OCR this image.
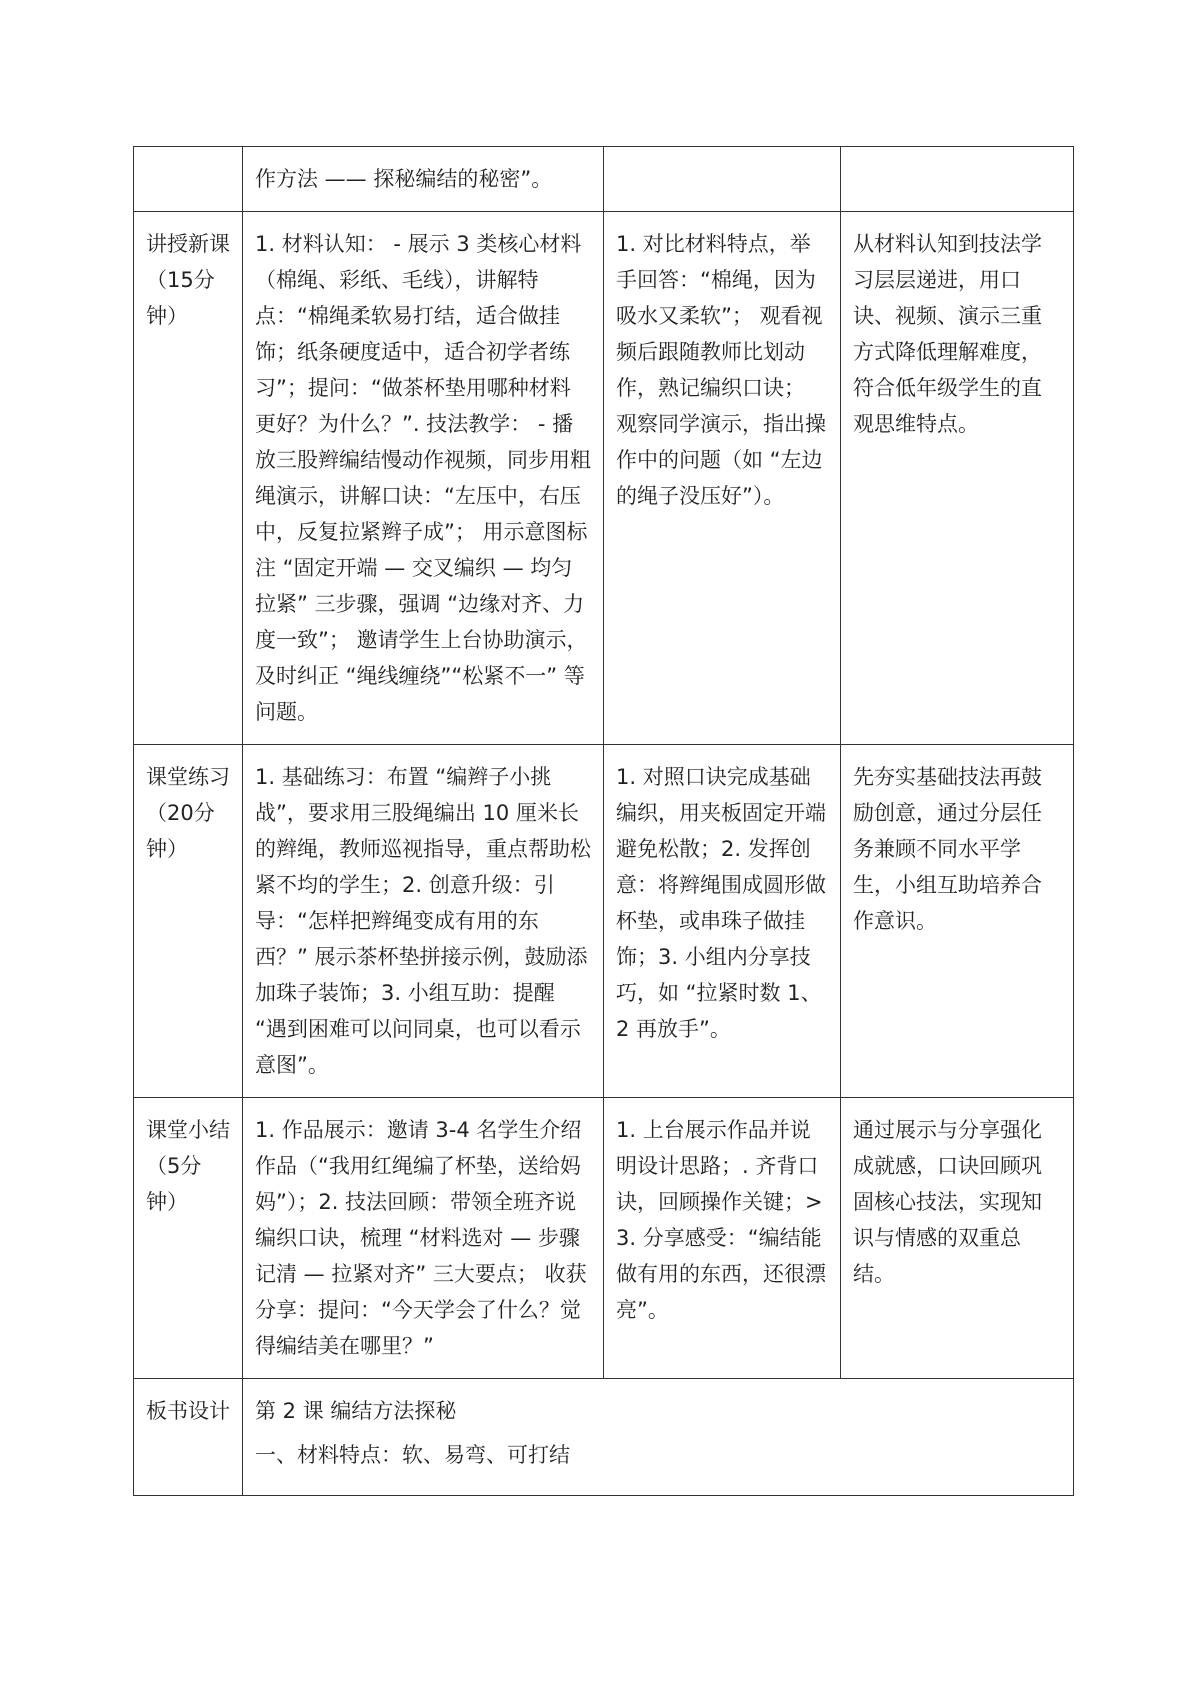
	作方法 —— 探秘编结的秘密”。		
讲授新课（15分钟）	1. 材料认知： - 展示 3 类核心材料（棉绳、彩纸、毛线），讲解特点：“棉绳柔软易打结，适合做挂饰；纸条硬度适中，适合初学者练习”；提问：“做茶杯垫用哪种材料更好？为什么？”. 技法教学： - 播放三股辫编结慢动作视频，同步用粗绳演示，讲解口诀：“左压中，右压中，反复拉紧辫子成”； 用示意图标注 “固定开端 — 交叉编织 — 均匀拉紧” 三步骤，强调 “边缘对齐、力度一致”； 邀请学生上台协助演示，及时纠正 “绳线缠绕”“松紧不一” 等问题。	1. 对比材料特点，举手回答：“棉绳，因为吸水又柔软”； 观看视频后跟随教师比划动作，熟记编织口诀； 观察同学演示，指出操作中的问题（如 “左边的绳子没压好”）。	从材料认知到技法学习层层递进，用口诀、视频、演示三重方式降低理解难度，符合低年级学生的直观思维特点。
课堂练习（20分钟）	1. 基础练习：布置 “编辫子小挑战”，要求用三股绳编出 10 厘米长的辫绳，教师巡视指导，重点帮助松紧不均的学生；2. 创意升级：引导：“怎样把辫绳变成有用的东西？” 展示茶杯垫拼接示例，鼓励添加珠子装饰；3. 小组互助：提醒 “遇到困难可以问同桌，也可以看示意图”。	1. 对照口诀完成基础编织，用夹板固定开端避免松散；2. 发挥创意：将辫绳围成圆形做杯垫，或串珠子做挂饰；3. 小组内分享技巧，如 “拉紧时数 1、2 再放手”。	先夯实基础技法再鼓励创意，通过分层任务兼顾不同水平学生，小组互助培养合作意识。
课堂小结（5分钟）	1. 作品展示：邀请 3-4 名学生介绍作品（“我用红绳编了杯垫，送给妈妈”）；2. 技法回顾：带领全班齐说编织口诀，梳理 “材料选对 — 步骤记清 — 拉紧对齐” 三大要点； 收获分享：提问：“今天学会了什么？觉得编结美在哪里？”	1. 上台展示作品并说明设计思路；. 齐背口诀，回顾操作关键；>3. 分享感受：“编结能做有用的东西，还很漂亮”。	通过展示与分享强化成就感，口诀回顾巩固核心技法，实现知识与情感的双重总结。
板书设计	第 2 课 编结方法探秘
一、材料特点：软、易弯、可打结		
